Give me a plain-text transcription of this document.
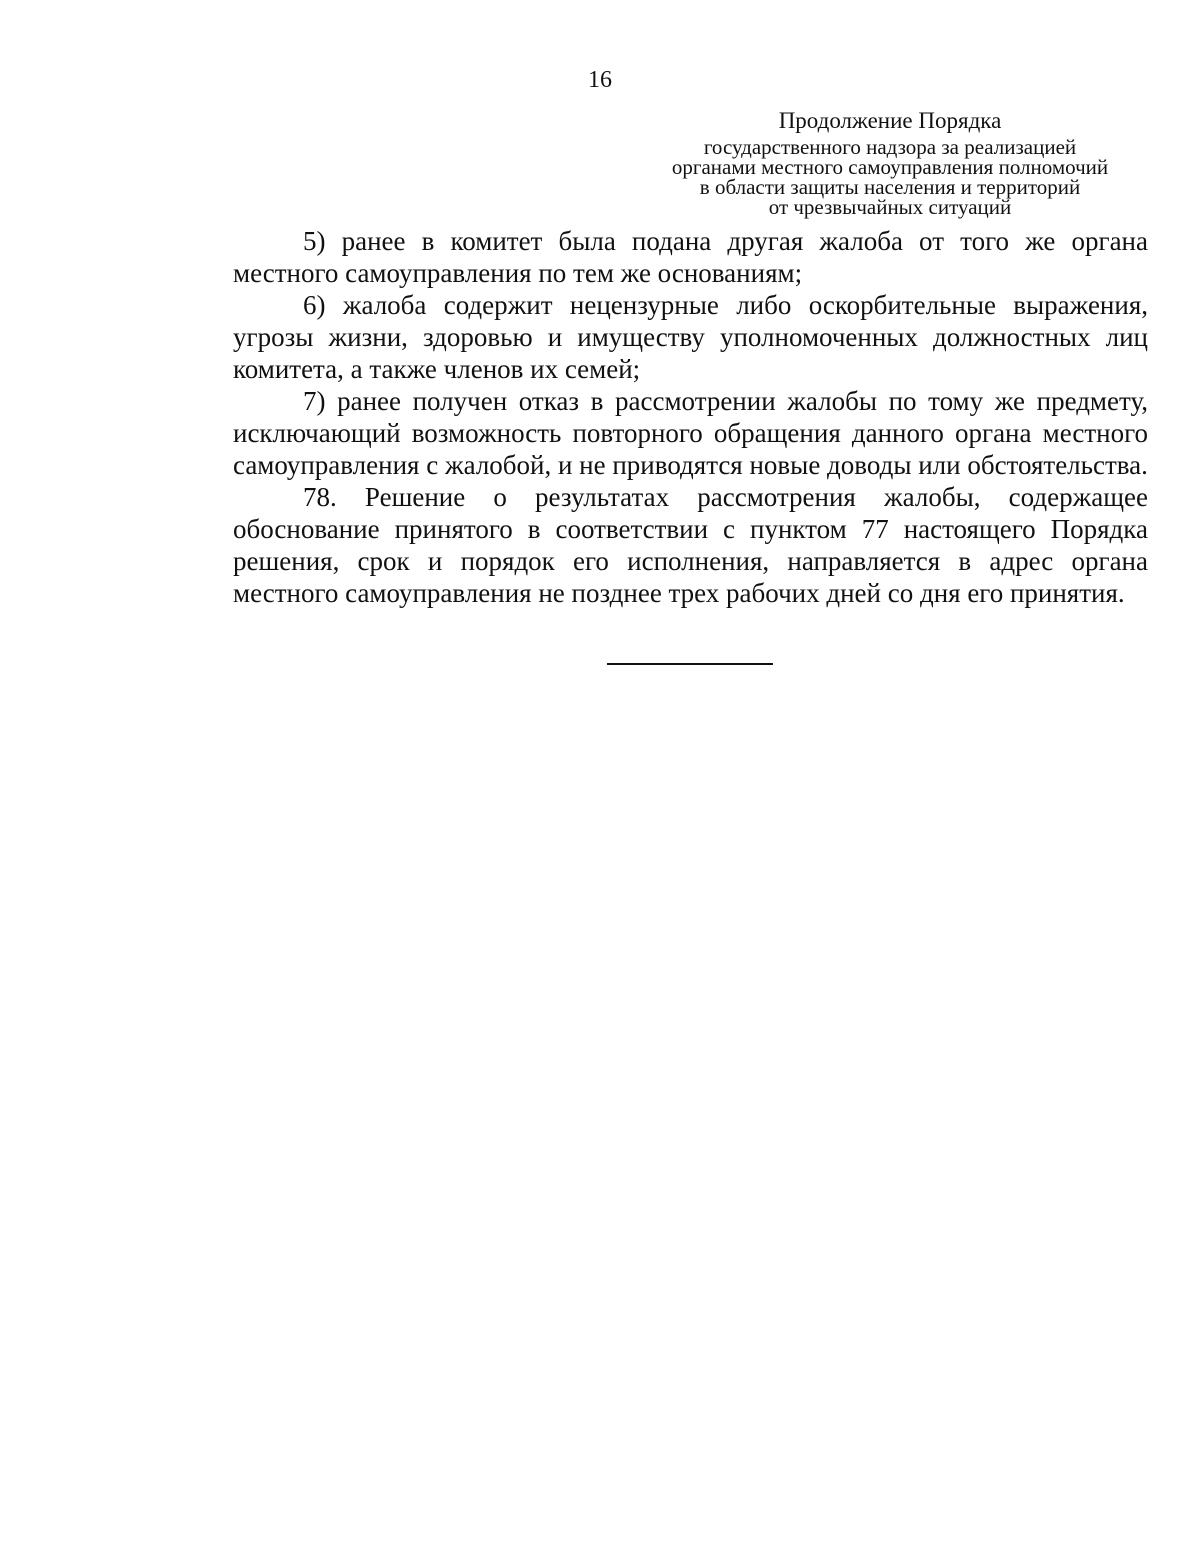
16
Продолжение Порядка
государственного надзора за реализацией
органами местного самоуправления полномочий
в области защиты населения и территорий
от чрезвычайных ситуаций

5) ранее в комитет была подана другая жалоба от того же органа местного самоуправления по тем же основаниям;

6) жалоба содержит нецензурные либо оскорбительные выражения, угрозы жизни, здоровью и имуществу уполномоченных должностных лиц комитета, а также членов их семей;

7) ранее получен отказ в рассмотрении жалобы по тому же предмету, исключающий возможность повторного обращения данного органа местного самоуправления с жалобой, и не приводятся новые доводы или обстоятельства.

78. Решение о результатах рассмотрения жалобы, содержащее обоснование принятого в соответствии с пунктом 77 настоящего Порядка решения, срок и порядок его исполнения, направляется в адрес органа местного самоуправления не позднее трех рабочих дней со дня его принятия.
